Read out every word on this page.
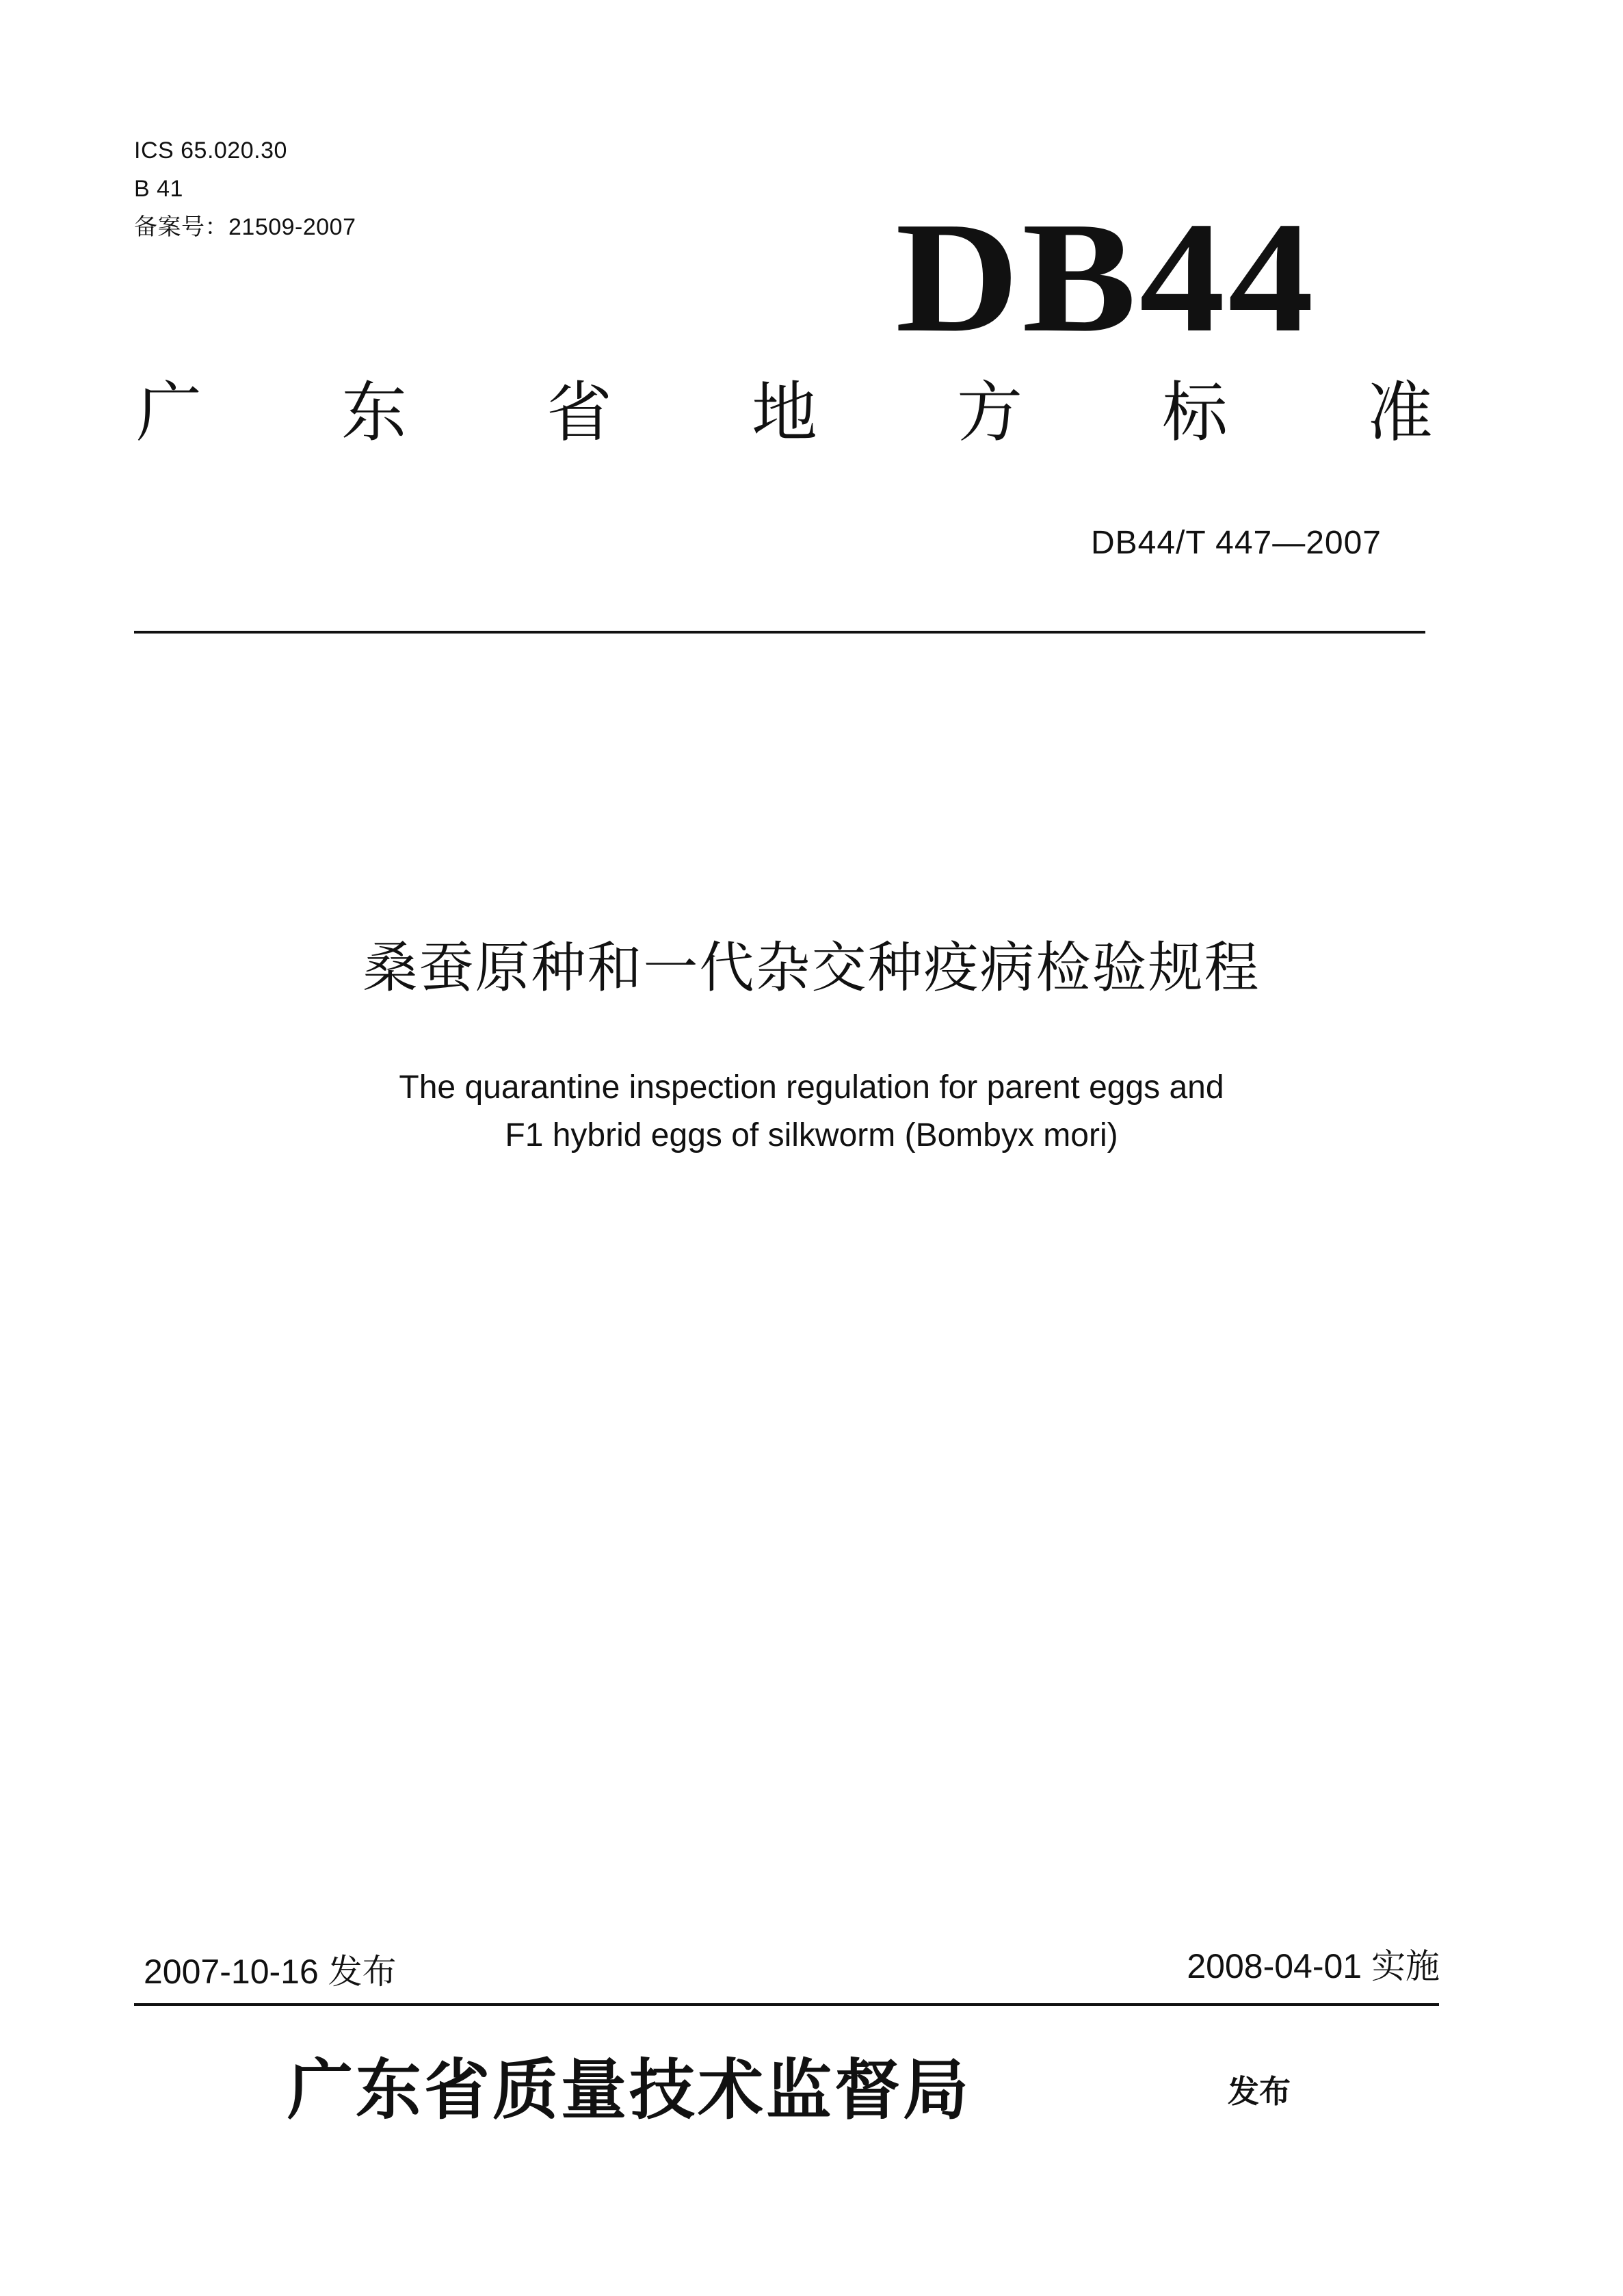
ICS 65.020.30
B 41
备案号：21509-2007	DB44
广 东 省 地 方 标 准
DB44/T 447—2007
桑蚕原种和一代杂交种疫病检验规程
The quarantine inspection regulation for parent eggs and
F1 hybrid eggs of silkworm (Bombyx mori)
2007-10-16 发布	2008-04-01 实施
广东省质量技术监督局	发布
